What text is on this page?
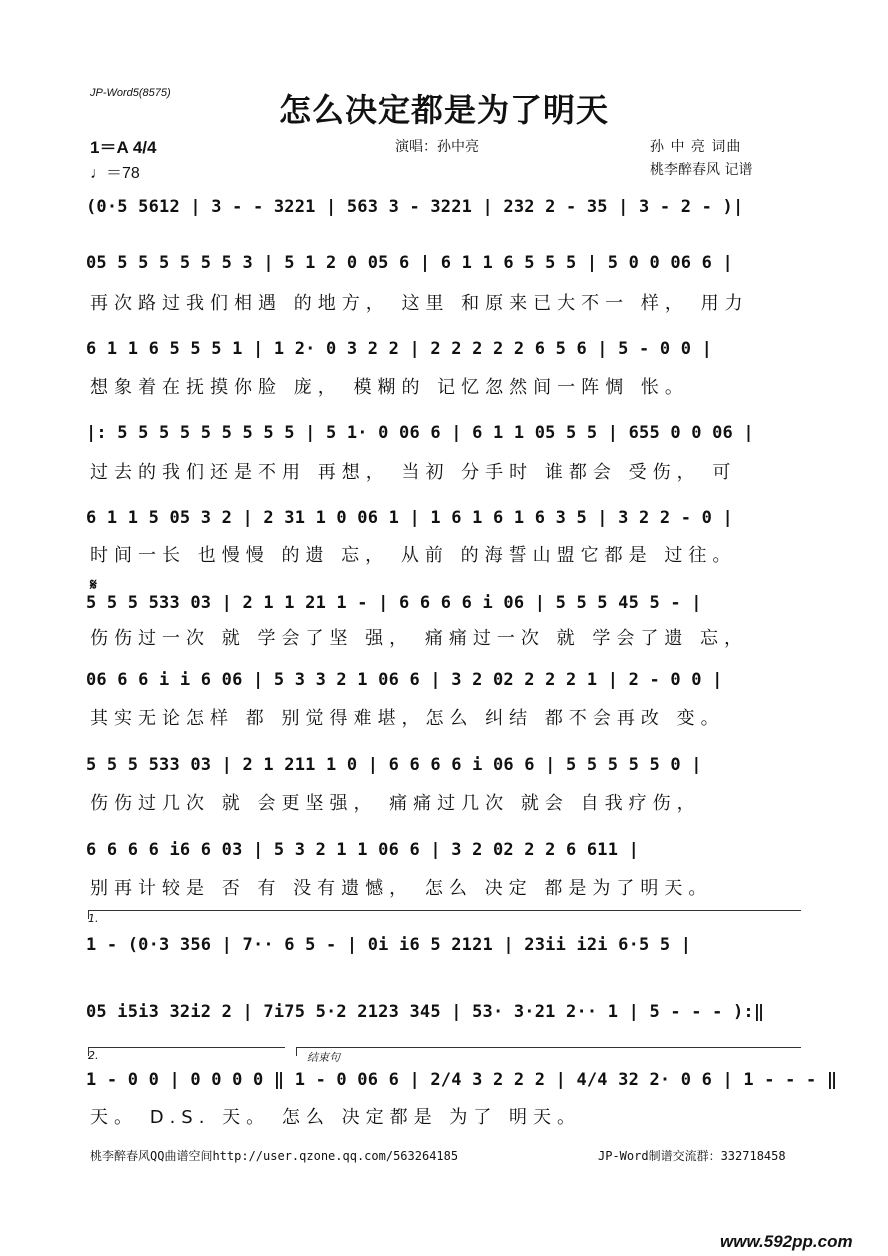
JP-Word5(8575)	怎么决定都是为了明天
1＝A 4/4
♩＝78
演唱：孙中亮	孙 中 亮 词曲
桃李醉春风 记谱
(0·5 5612 | 3 - - 3221 | 563 3 - 3221 | 232 2 - 35 | 3 - 2 - )|
05 5 5 5 5 5 5 3 | 5 1 2 0 05 6 | 6 1 1 6 5 5 5 | 5 0 0 06 6 |
再次路过我们相遇 的地方， 这里 和原来已大不一 样， 用力
6 1 1 6 5 5 5 1 | 1 2· 0 3 2 2 | 2 2 2 2 2 6 5 6 | 5 - 0 0 |
想象着在抚摸你脸 庞， 模糊的 记忆忽然间一阵惆 怅。
|: 5 5 5 5 5 5 5 5 5 | 5 1· 0 06 6 | 6 1 1 05 5 5 | 655 0 0 06 |
过去的我们还是不用 再想， 当初 分手时 谁都会 受伤， 可
6 1 1 5 05 3 2 | 2 31 1 0 06 1 | 1 6 1 6 1 6 3 5 | 3 2 2 - 0 |
时间一长 也慢慢 的遗 忘， 从前 的海誓山盟它都是 过往。
𝄋
5 5 5 533 03 | 2 1 1 21 1 - | 6 6 6 6 i 06 | 5 5 5 45 5 - |
伤伤过一次 就 学会了坚 强， 痛痛过一次 就 学会了遗 忘，
06 6 6 i i 6 06 | 5 3 3 2 1 06 6 | 3 2 02 2 2 2 1 | 2 - 0 0 |
其实无论怎样 都 别觉得难堪，怎么 纠结 都不会再改 变。
5 5 5 533 03 | 2 1 211 1 0 | 6 6 6 6 i 06 6 | 5 5 5 5 5 0 |
伤伤过几次 就 会更坚强， 痛痛过几次 就会 自我疗伤，
6 6 6 6 i6 6 03 | 5 3 2 1 1 06 6 | 3 2 02 2 2 6 611 |
别再计较是 否 有 没有遗憾， 怎么 决定 都是为了明天。
1.
1 - (0·3 356 | 7·· 6 5 - | 0i i6 5 2121 | 23ii i2i 6·5 5 |
05 i5i3 32i2 2 | 7i75 5·2 2123 345 | 53· 3·21 2·· 1 | 5 - - - ):‖
2.	结束句
1 - 0 0 | 0 0 0 0 ‖ 1 - 0 06 6 | 2/4 3 2 2 2 | 4/4 32 2· 0 6 | 1 - - - ‖
天。 D.S. 天。 怎么 决定都是 为了 明天。
桃李醉春风QQ曲谱空间http://user.qzone.qq.com/563264185	JP-Word制谱交流群：332718458
www.592pp.com
